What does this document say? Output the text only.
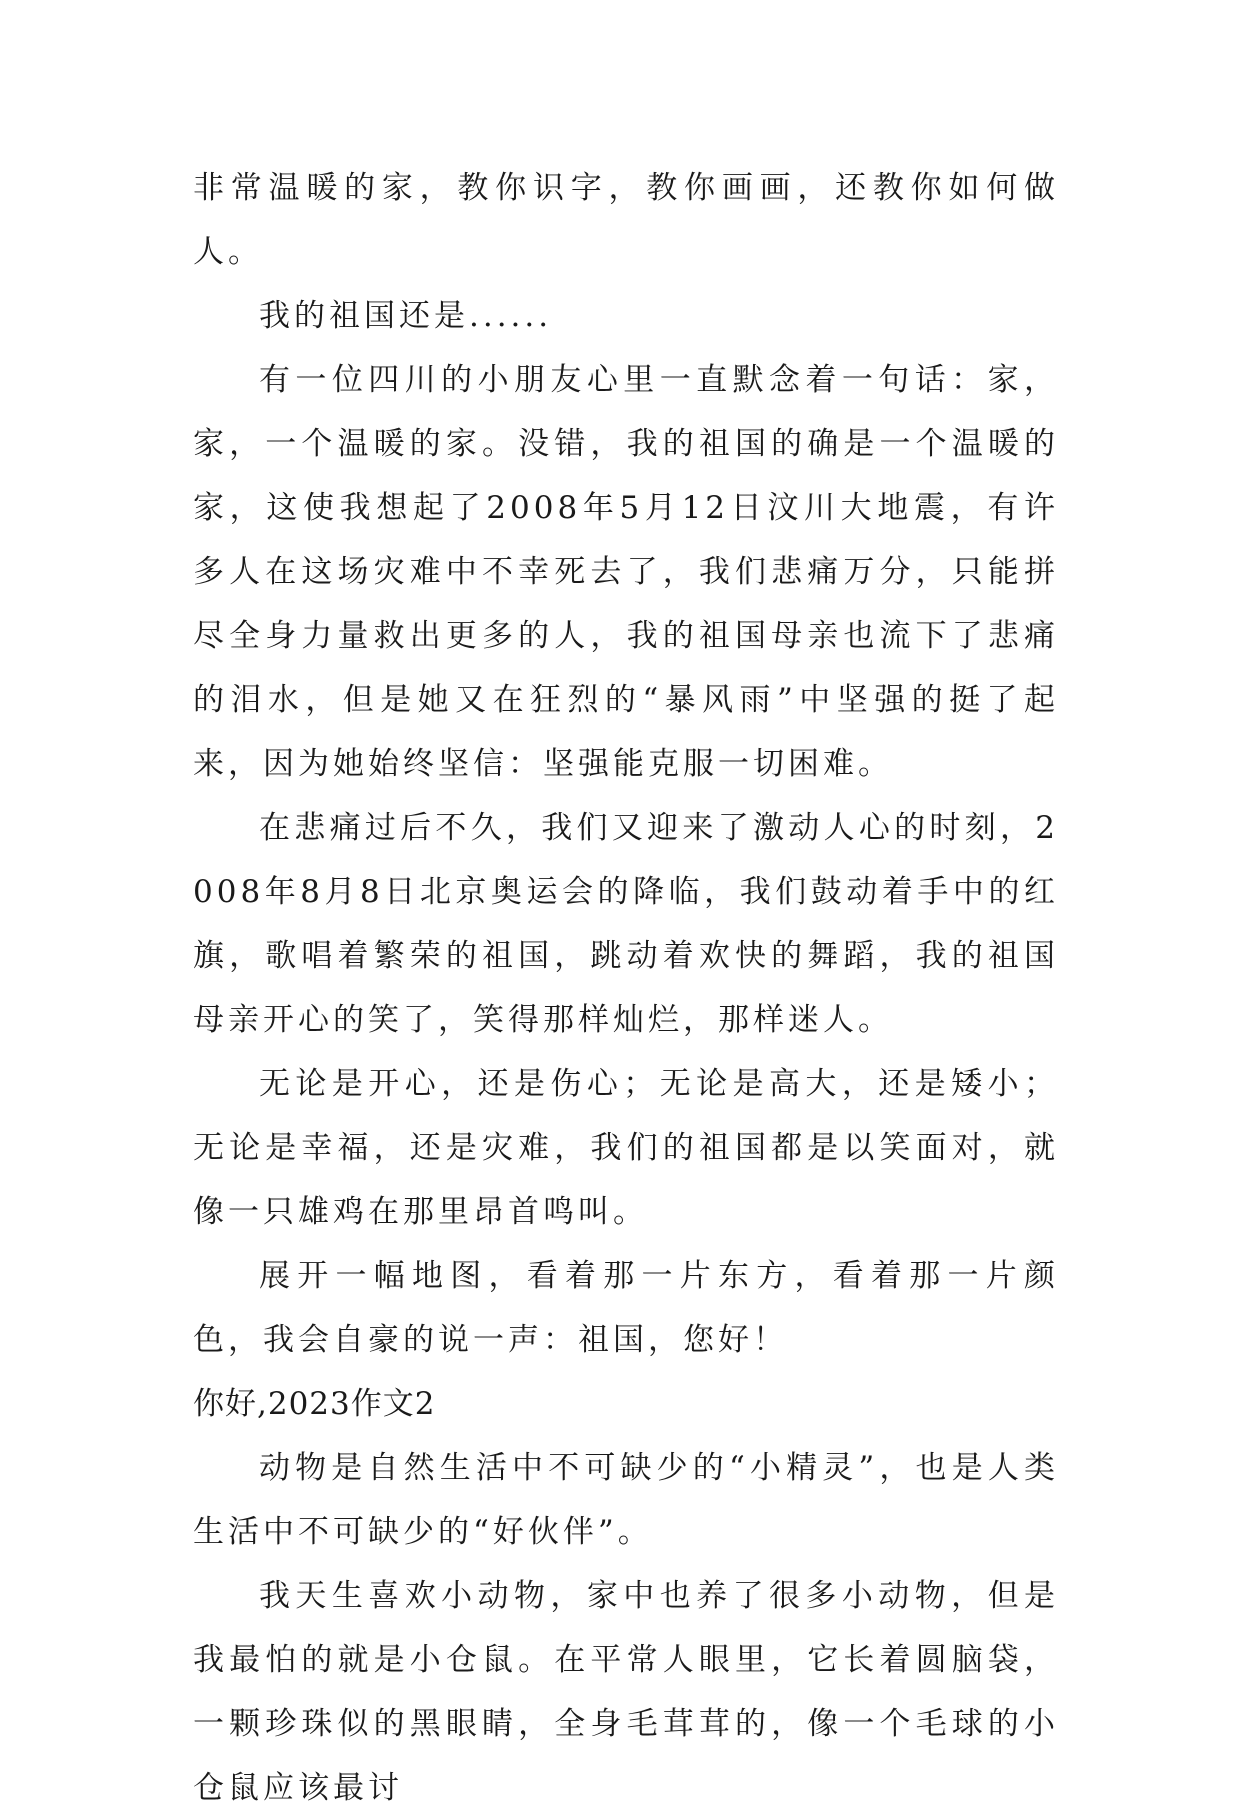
非常温暖的家，教你识字，教你画画，还教你如何做人。

我的祖国还是......

有一位四川的小朋友心里一直默念着一句话：家，家，一个温暖的家。没错，我的祖国的确是一个温暖的家，这使我想起了2008年5月12日汶川大地震，有许多人在这场灾难中不幸死去了，我们悲痛万分，只能拼尽全身力量救出更多的人，我的祖国母亲也流下了悲痛的泪水，但是她又在狂烈的“暴风雨”中坚强的挺了起来，因为她始终坚信：坚强能克服一切困难。

在悲痛过后不久，我们又迎来了激动人心的时刻，2008年8月8日北京奥运会的降临，我们鼓动着手中的红旗，歌唱着繁荣的祖国，跳动着欢快的舞蹈，我的祖国母亲开心的笑了，笑得那样灿烂，那样迷人。

无论是开心，还是伤心；无论是高大，还是矮小；无论是幸福，还是灾难，我们的祖国都是以笑面对，就像一只雄鸡在那里昂首鸣叫。

展开一幅地图，看着那一片东方，看着那一片颜色，我会自豪的说一声：祖国，您好！

你好,2023作文2

动物是自然生活中不可缺少的“小精灵”，也是人类生活中不可缺少的“好伙伴”。

我天生喜欢小动物，家中也养了很多小动物，但是我最怕的就是小仓鼠。在平常人眼里，它长着圆脑袋，一颗珍珠似的黑眼睛，全身毛茸茸的，像一个毛球的小仓鼠应该最讨
